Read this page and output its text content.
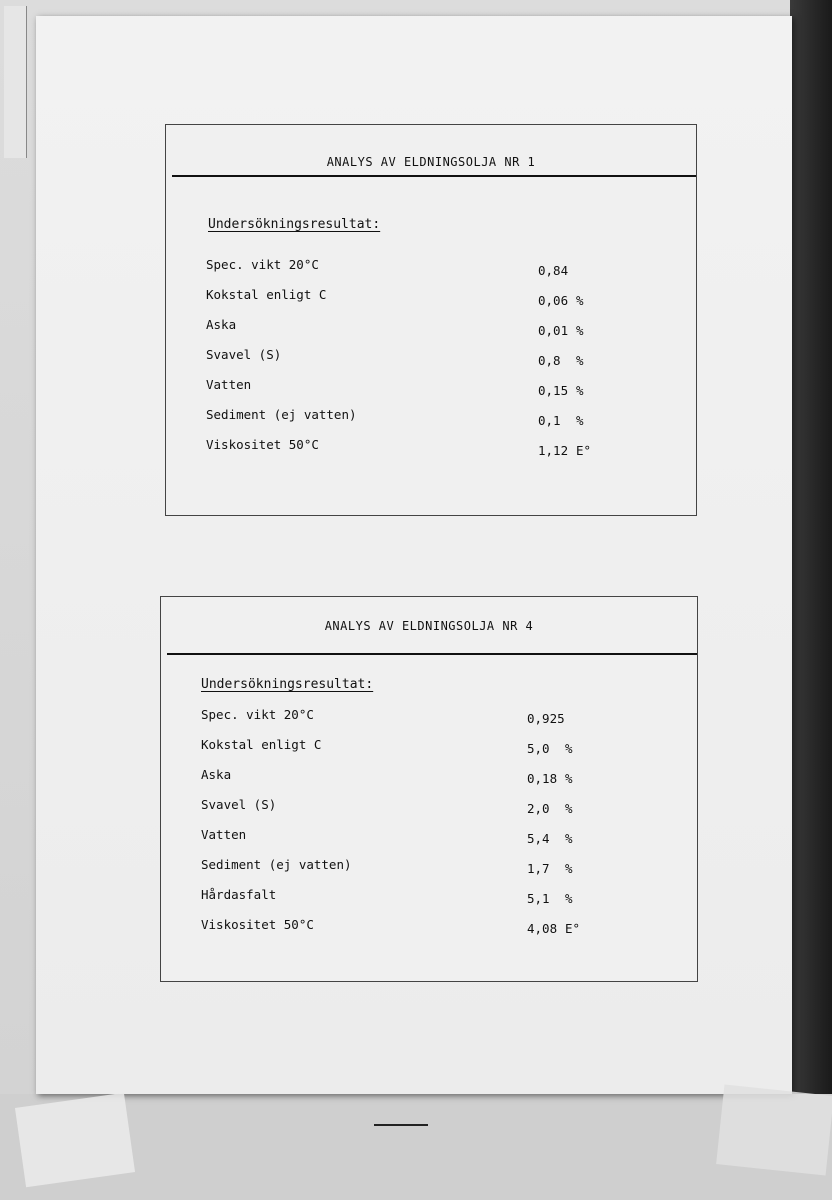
ANALYS AV ELDNINGSOLJA NR 1
Undersökningsresultat:
Spec. vikt 20°C	0,84
Kokstal enligt C	0,06 %
Aska	0,01 %
Svavel (S)	0,8 %
Vatten	0,15 %
Sediment (ej vatten)	0,1 %
Viskositet 50°C	1,12 E°
ANALYS AV ELDNINGSOLJA NR 4
Undersökningsresultat:
Spec. vikt 20°C	0,925
Kokstal enligt C	5,0 %
Aska	0,18 %
Svavel (S)	2,0 %
Vatten	5,4 %
Sediment (ej vatten)	1,7 %
Hårdasfalt	5,1 %
Viskositet 50°C	4,08 E°
